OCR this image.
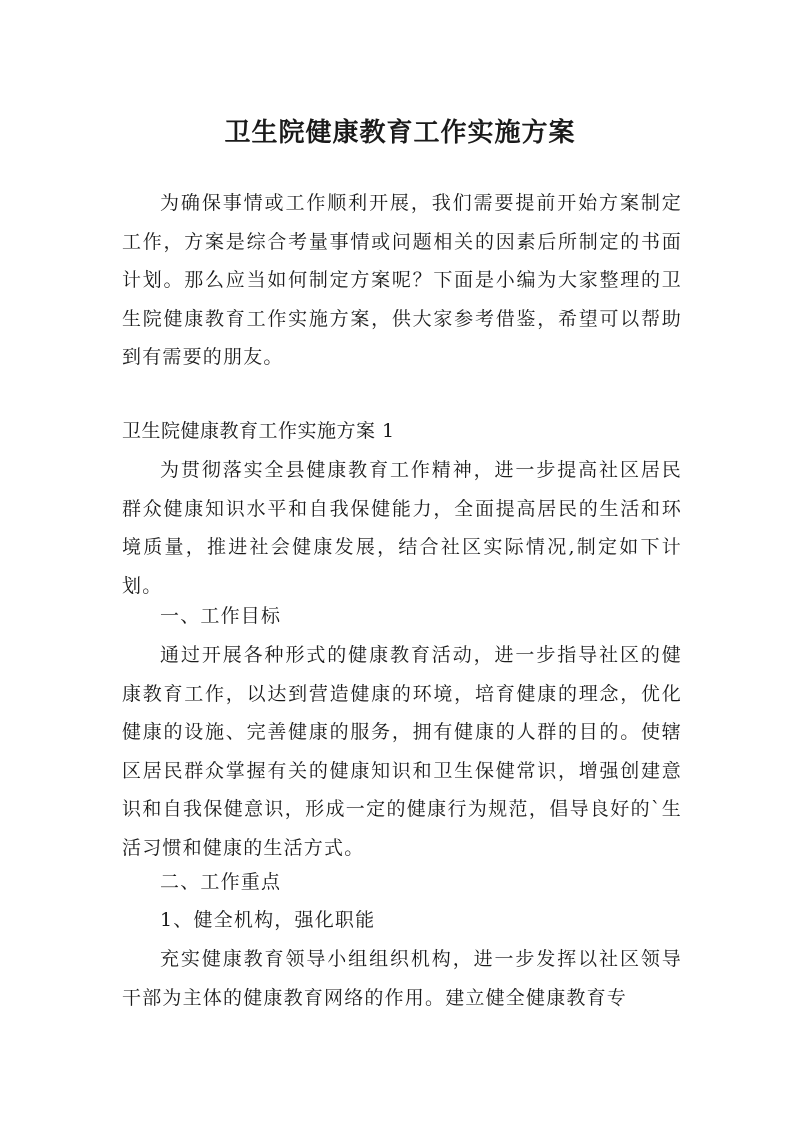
卫生院健康教育工作实施方案

为确保事情或工作顺利开展，我们需要提前开始方案制定工作，方案是综合考量事情或问题相关的因素后所制定的书面计划。那么应当如何制定方案呢？下面是小编为大家整理的卫生院健康教育工作实施方案，供大家参考借鉴，希望可以帮助到有需要的朋友。

卫生院健康教育工作实施方案 1

为贯彻落实全县健康教育工作精神，进一步提高社区居民群众健康知识水平和自我保健能力，全面提高居民的生活和环境质量，推进社会健康发展，结合社区实际情况,制定如下计划。

一、工作目标

通过开展各种形式的健康教育活动，进一步指导社区的健康教育工作，以达到营造健康的环境，培育健康的理念，优化健康的设施、完善健康的服务，拥有健康的人群的目的。使辖区居民群众掌握有关的健康知识和卫生保健常识，增强创建意识和自我保健意识，形成一定的健康行为规范，倡导良好的`生活习惯和健康的生活方式。

二、工作重点

1、健全机构，强化职能

充实健康教育领导小组组织机构，进一步发挥以社区领导干部为主体的健康教育网络的作用。建立健全健康教育专
